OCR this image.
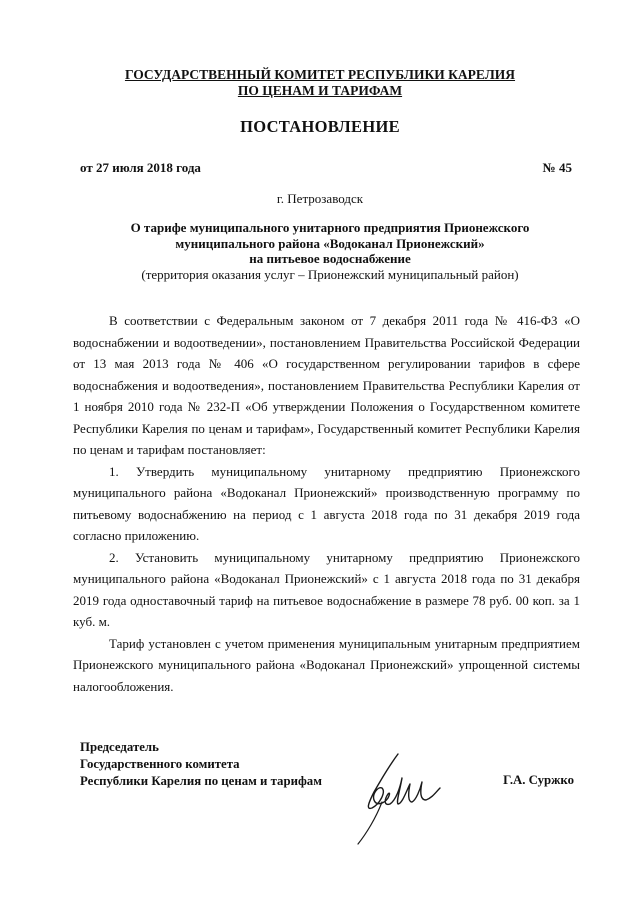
ГОСУДАРСТВЕННЫЙ КОМИТЕТ РЕСПУБЛИКИ КАРЕЛИЯ
ПО ЦЕНАМ И ТАРИФАМ
ПОСТАНОВЛЕНИЕ
от 27 июля 2018 года	№ 45
г. Петрозаводск
О тарифе муниципального унитарного предприятия Прионежского
муниципального района «Водоканал Прионежский»
на питьевое водоснабжение
(территория оказания услуг – Прионежский муниципальный район)

В соответствии с Федеральным законом от 7 декабря 2011 года № 416-ФЗ «О водоснабжении и водоотведении», постановлением Правительства Российской Федерации от 13 мая 2013 года № 406 «О государственном регулировании тарифов в сфере водоснабжения и водоотведения», постановлением Правительства Республики Карелия от 1 ноября 2010 года № 232-П «Об утверждении Положения о Государственном комитете Республики Карелия по ценам и тарифам», Государственный комитет Республики Карелия по ценам и тарифам постановляет:

1. Утвердить муниципальному унитарному предприятию Прионежского муниципального района «Водоканал Прионежский» производственную программу по питьевому водоснабжению на период с 1 августа 2018 года по 31 декабря 2019 года согласно приложению.

2. Установить муниципальному унитарному предприятию Прионежского муниципального района «Водоканал Прионежский» с 1 августа 2018 года по 31 декабря 2019 года одноставочный тариф на питьевое водоснабжение в размере 78 руб. 00 коп. за 1 куб. м.

Тариф установлен с учетом применения муниципальным унитарным предприятием Прионежского муниципального района «Водоканал Прионежский» упрощенной системы налогообложения.

Председатель
Государственного комитета
Республики Карелия по ценам и тарифам	Г.А. Суржко
